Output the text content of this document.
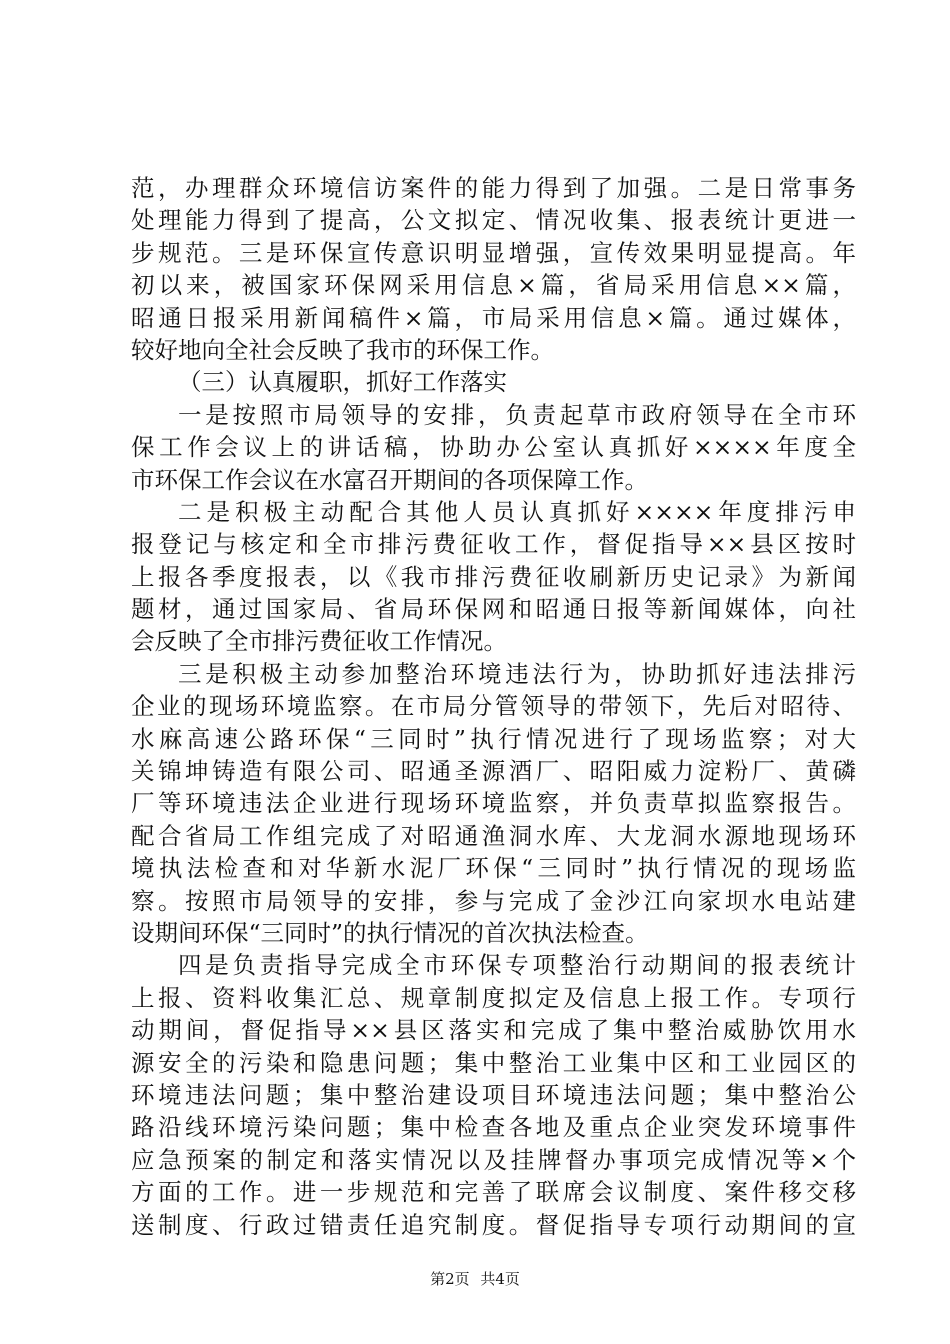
范，办理群众环境信访案件的能力得到了加强。二是日常事务
处理能力得到了提高，公文拟定、情况收集、报表统计更进一
步规范。三是环保宣传意识明显增强，宣传效果明显提高。年
初以来，被国家环保网采用信息×篇，省局采用信息××篇，
昭通日报采用新闻稿件×篇，市局采用信息×篇。通过媒体，
较好地向全社会反映了我市的环保工作。
（三）认真履职，抓好工作落实
一是按照市局领导的安排，负责起草市政府领导在全市环
保工作会议上的讲话稿，协助办公室认真抓好××××年度全
市环保工作会议在水富召开期间的各项保障工作。
二是积极主动配合其他人员认真抓好××××年度排污申
报登记与核定和全市排污费征收工作，督促指导××县区按时
上报各季度报表，以《我市排污费征收刷新历史记录》为新闻
题材，通过国家局、省局环保网和昭通日报等新闻媒体，向社
会反映了全市排污费征收工作情况。
三是积极主动参加整治环境违法行为，协助抓好违法排污
企业的现场环境监察。在市局分管领导的带领下，先后对昭待、
水麻高速公路环保“三同时”执行情况进行了现场监察；对大
关锦坤铸造有限公司、昭通圣源酒厂、昭阳威力淀粉厂、黄磷
厂等环境违法企业进行现场环境监察，并负责草拟监察报告。
配合省局工作组完成了对昭通渔洞水库、大龙洞水源地现场环
境执法检查和对华新水泥厂环保“三同时”执行情况的现场监
察。按照市局领导的安排，参与完成了金沙江向家坝水电站建
设期间环保“三同时”的执行情况的首次执法检查。
四是负责指导完成全市环保专项整治行动期间的报表统计
上报、资料收集汇总、规章制度拟定及信息上报工作。专项行
动期间，督促指导××县区落实和完成了集中整治威胁饮用水
源安全的污染和隐患问题；集中整治工业集中区和工业园区的
环境违法问题；集中整治建设项目环境违法问题；集中整治公
路沿线环境污染问题；集中检查各地及重点企业突发环境事件
应急预案的制定和落实情况以及挂牌督办事项完成情况等×个
方面的工作。进一步规范和完善了联席会议制度、案件移交移
送制度、行政过错责任追究制度。督促指导专项行动期间的宣
第2页 共4页
